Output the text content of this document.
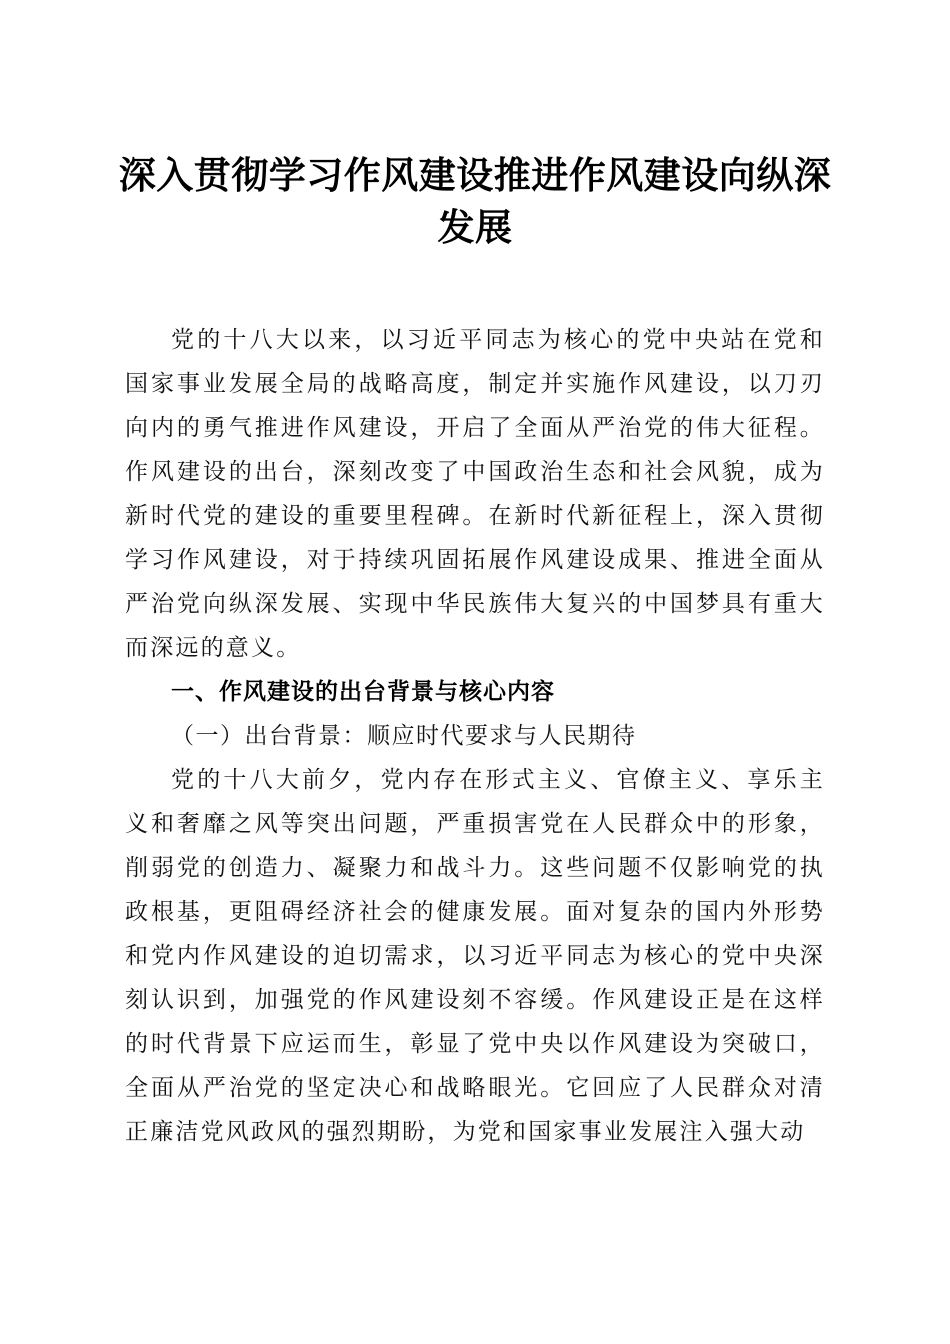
深入贯彻学习作风建设推进作风建设向纵深发展

党的十八大以来，以习近平同志为核心的党中央站在党和国家事业发展全局的战略高度，制定并实施作风建设，以刀刃向内的勇气推进作风建设，开启了全面从严治党的伟大征程。作风建设的出台，深刻改变了中国政治生态和社会风貌，成为新时代党的建设的重要里程碑。在新时代新征程上，深入贯彻学习作风建设，对于持续巩固拓展作风建设成果、推进全面从严治党向纵深发展、实现中华民族伟大复兴的中国梦具有重大而深远的意义。

一、作风建设的出台背景与核心内容

（一）出台背景：顺应时代要求与人民期待

党的十八大前夕，党内存在形式主义、官僚主义、享乐主义和奢靡之风等突出问题，严重损害党在人民群众中的形象，削弱党的创造力、凝聚力和战斗力。这些问题不仅影响党的执政根基，更阻碍经济社会的健康发展。面对复杂的国内外形势和党内作风建设的迫切需求，以习近平同志为核心的党中央深刻认识到，加强党的作风建设刻不容缓。作风建设正是在这样的时代背景下应运而生，彰显了党中央以作风建设为突破口，全面从严治党的坚定决心和战略眼光。它回应了人民群众对清正廉洁党风政风的强烈期盼，为党和国家事业发展注入强大动
